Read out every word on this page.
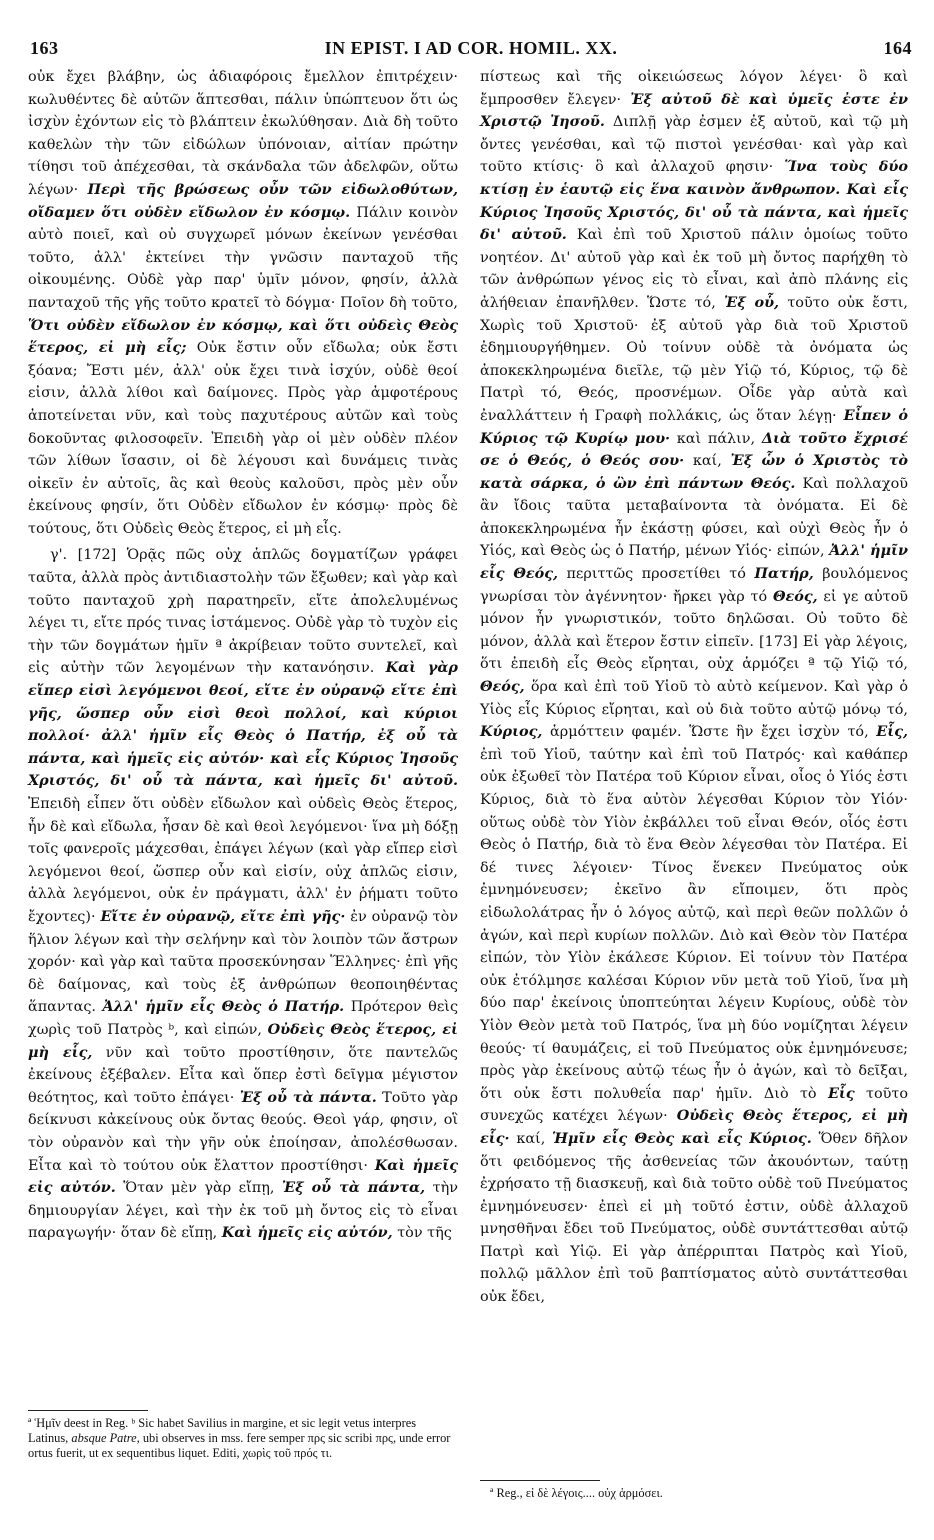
163	IN EPIST. I AD COR. HOMIL. XX.	164

οὐκ ἔχει βλάβην, ὡς ἀδιαφόροις ἔμελλον ἐπιτρέχειν· κωλυθέντες δὲ αὐτῶν ἅπτεσθαι, πάλιν ὑπώπτευον ὅτι ὡς ἰσχὺν ἐχόντων εἰς τὸ βλάπτειν ἐκωλύθησαν. Διὰ δὴ τοῦτο καθελὼν τὴν τῶν εἰδώλων ὑπόνοιαν, αἰτίαν πρώτην τίθησι τοῦ ἀπέχεσθαι, τὰ σκάνδαλα τῶν ἀδελφῶν, οὕτω λέγων· Περὶ τῆς βρώσεως οὖν τῶν εἰδωλοθύτων, οἴδαμεν ὅτι οὐδὲν εἴδωλον ἐν κόσμῳ. Πάλιν κοινὸν αὐτὸ ποιεῖ, καὶ οὐ συγχωρεῖ μόνων ἐκείνων γενέσθαι τοῦτο, ἀλλ' ἐκτείνει τὴν γνῶσιν πανταχοῦ τῆς οἰκουμένης. Οὐδὲ γὰρ παρ' ὑμῖν μόνον, φησίν, ἀλλὰ πανταχοῦ τῆς γῆς τοῦτο κρατεῖ τὸ δόγμα· Ποῖον δὴ τοῦτο, Ὅτι οὐδὲν εἴδωλον ἐν κόσμῳ, καὶ ὅτι οὐδεὶς Θεὸς ἕτερος, εἰ μὴ εἷς; Οὐκ ἔστιν οὖν εἴδωλα; οὐκ ἔστι ξόανα; Ἔστι μέν, ἀλλ' οὐκ ἔχει τινὰ ἰσχύν, οὐδὲ θεοί εἰσιν, ἀλλὰ λίθοι καὶ δαίμονες. Πρὸς γὰρ ἀμφοτέρους ἀποτείνεται νῦν, καὶ τοὺς παχυτέρους αὐτῶν καὶ τοὺς δοκοῦντας φιλοσοφεῖν. Ἐπειδὴ γὰρ οἱ μὲν οὐδὲν πλέον τῶν λίθων ἴσασιν, οἱ δὲ λέγουσι καὶ δυνάμεις τινὰς οἰκεῖν ἐν αὐτοῖς, ἃς καὶ θεοὺς καλοῦσι, πρὸς μὲν οὖν ἐκείνους φησίν, ὅτι Οὐδὲν εἴδωλον ἐν κόσμῳ· πρὸς δὲ τούτους, ὅτι Οὐδεὶς Θεὸς ἕτερος, εἰ μὴ εἷς.

γ'. [172] Ὁρᾷς πῶς οὐχ ἁπλῶς δογματίζων γράφει ταῦτα, ἀλλὰ πρὸς ἀντιδιαστολὴν τῶν ἔξωθεν; καὶ γὰρ καὶ τοῦτο πανταχοῦ χρὴ παρατηρεῖν, εἴτε ἀπολελυμένως λέγει τι, εἴτε πρός τινας ἱστάμενος. Οὐδὲ γὰρ τὸ τυχὸν εἰς τὴν τῶν δογμάτων ἡμῖν ª ἀκρίβειαν τοῦτο συντελεῖ, καὶ εἰς αὐτὴν τῶν λεγομένων τὴν κατανόησιν. Καὶ γὰρ εἴπερ εἰσὶ λεγόμενοι θεοί, εἴτε ἐν οὐρανῷ εἴτε ἐπὶ γῆς, ὥσπερ οὖν εἰσὶ θεοὶ πολλοί, καὶ κύριοι πολλοί· ἀλλ' ἡμῖν εἷς Θεὸς ὁ Πατήρ, ἐξ οὗ τὰ πάντα, καὶ ἡμεῖς εἰς αὐτόν· καὶ εἷς Κύριος Ἰησοῦς Χριστός, δι' οὗ τὰ πάντα, καὶ ἡμεῖς δι' αὐτοῦ. Ἐπειδὴ εἶπεν ὅτι οὐδὲν εἴδωλον καὶ οὐδεὶς Θεὸς ἕτερος, ἦν δὲ καὶ εἴδωλα, ἦσαν δὲ καὶ θεοὶ λεγόμενοι· ἵνα μὴ δόξῃ τοῖς φανεροῖς μάχεσθαι, ἐπάγει λέγων (καὶ γὰρ εἴπερ εἰσὶ λεγόμενοι θεοί, ὥσπερ οὖν καὶ εἰσίν, οὐχ ἁπλῶς εἰσιν, ἀλλὰ λεγόμενοι, οὐκ ἐν πράγματι, ἀλλ' ἐν ῥήματι τοῦτο ἔχοντες)· Εἴτε ἐν οὐρανῷ, εἴτε ἐπὶ γῆς· ἐν οὐρανῷ τὸν ἥλιον λέγων καὶ τὴν σελήνην καὶ τὸν λοιπὸν τῶν ἄστρων χορόν· καὶ γὰρ καὶ ταῦτα προσεκύνησαν Ἕλληνες· ἐπὶ γῆς δὲ δαίμονας, καὶ τοὺς ἐξ ἀνθρώπων θεοποιηθέντας ἅπαντας. Ἀλλ' ἡμῖν εἷς Θεὸς ὁ Πατήρ. Πρότερον θεὶς χωρὶς τοῦ Πατρὸς ᵇ, καὶ εἰπών, Οὐδεὶς Θεὸς ἕτερος, εἰ μὴ εἷς, νῦν καὶ τοῦτο προστίθησιν, ὅτε παντελῶς ἐκείνους ἐξέβαλεν. Εἶτα καὶ ὅπερ ἐστὶ δεῖγμα μέγιστον θεότητος, καὶ τοῦτο ἐπάγει· Ἐξ οὗ τὰ πάντα. Τοῦτο γὰρ δείκνυσι κἀκείνους οὐκ ὄντας θεούς. Θεοὶ γάρ, φησιν, οἳ τὸν οὐρανὸν καὶ τὴν γῆν οὐκ ἐποίησαν, ἀπολέσθωσαν. Εἶτα καὶ τὸ τούτου οὐκ ἔλαττον προστίθησι· Καὶ ἡμεῖς εἰς αὐτόν. Ὅταν μὲν γὰρ εἴπῃ, Ἐξ οὗ τὰ πάντα, τὴν δημιουργίαν λέγει, καὶ τὴν ἐκ τοῦ μὴ ὄντος εἰς τὸ εἶναι παραγωγήν· ὅταν δὲ εἴπῃ, Καὶ ἡμεῖς εἰς αὐτόν, τὸν τῆς

πίστεως καὶ τῆς οἰκειώσεως λόγον λέγει· ὃ καὶ ἔμπροσθεν ἔλεγεν· Ἐξ αὐτοῦ δὲ καὶ ὑμεῖς ἐστε ἐν Χριστῷ Ἰησοῦ. Διπλῇ γὰρ ἐσμεν ἐξ αὐτοῦ, καὶ τῷ μὴ ὄντες γενέσθαι, καὶ τῷ πιστοὶ γενέσθαι· καὶ γὰρ καὶ τοῦτο κτίσις· ὃ καὶ ἀλλαχοῦ φησιν· Ἵνα τοὺς δύο κτίσῃ ἐν ἑαυτῷ εἰς ἕνα καινὸν ἄνθρωπον. Καὶ εἷς Κύριος Ἰησοῦς Χριστός, δι' οὗ τὰ πάντα, καὶ ἡμεῖς δι' αὐτοῦ. Καὶ ἐπὶ τοῦ Χριστοῦ πάλιν ὁμοίως τοῦτο νοητέον. Δι' αὐτοῦ γὰρ καὶ ἐκ τοῦ μὴ ὄντος παρήχθη τὸ τῶν ἀνθρώπων γένος εἰς τὸ εἶναι, καὶ ἀπὸ πλάνης εἰς ἀλήθειαν ἐπανῆλθεν. Ὥστε τό, Ἐξ οὗ, τοῦτο οὐκ ἔστι, Χωρὶς τοῦ Χριστοῦ· ἐξ αὐτοῦ γὰρ διὰ τοῦ Χριστοῦ ἐδημιουργήθημεν. Οὐ τοίνυν οὐδὲ τὰ ὀνόματα ὡς ἀποκεκληρωμένα διεῖλε, τῷ μὲν Υἱῷ τό, Κύριος, τῷ δὲ Πατρὶ τό, Θεός, προσνέμων. Οἶδε γὰρ αὐτὰ καὶ ἐναλλάττειν ἡ Γραφὴ πολλάκις, ὡς ὅταν λέγῃ· Εἶπεν ὁ Κύριος τῷ Κυρίῳ μου· καὶ πάλιν, Διὰ τοῦτο ἔχρισέ σε ὁ Θεός, ὁ Θεός σου· καί, Ἐξ ὧν ὁ Χριστὸς τὸ κατὰ σάρκα, ὁ ὢν ἐπὶ πάντων Θεός. Καὶ πολλαχοῦ ἂν ἴδοις ταῦτα μεταβαίνοντα τὰ ὀνόματα. Εἰ δὲ ἀποκεκληρωμένα ἦν ἑκάστῃ φύσει, καὶ οὐχὶ Θεὸς ἦν ὁ Υἱός, καὶ Θεὸς ὡς ὁ Πατήρ, μένων Υἱός· εἰπών, Ἀλλ' ἡμῖν εἷς Θεός, περιττῶς προσετίθει τό Πατήρ, βουλόμενος γνωρίσαι τὸν ἀγέννητον· ἤρκει γὰρ τό Θεός, εἰ γε αὐτοῦ μόνον ἦν γνωριστικόν, τοῦτο δηλῶσαι. Οὐ τοῦτο δὲ μόνον, ἀλλὰ καὶ ἕτερον ἔστιν εἰπεῖν. [173] Εἰ γὰρ λέγοις, ὅτι ἐπειδὴ εἷς Θεὸς εἴρηται, οὐχ ἁρμόζει ª τῷ Υἱῷ τό, Θεός, ὅρα καὶ ἐπὶ τοῦ Υἱοῦ τὸ αὐτὸ κείμενον. Καὶ γὰρ ὁ Υἱὸς εἷς Κύριος εἴρηται, καὶ οὐ διὰ τοῦτο αὐτῷ μόνῳ τό, Κύριος, ἁρμόττειν φαμέν. Ὥστε ἣν ἔχει ἰσχὺν τό, Εἷς, ἐπὶ τοῦ Υἱοῦ, ταύτην καὶ ἐπὶ τοῦ Πατρός· καὶ καθάπερ οὐκ ἐξωθεῖ τὸν Πατέρα τοῦ Κύριον εἶναι, οἷος ὁ Υἱός ἐστι Κύριος, διὰ τὸ ἕνα αὐτὸν λέγεσθαι Κύριον τὸν Υἱόν· οὕτως οὐδὲ τὸν Υἱὸν ἐκβάλλει τοῦ εἶναι Θεόν, οἷός ἐστι Θεὸς ὁ Πατήρ, διὰ τὸ ἕνα Θεὸν λέγεσθαι τὸν Πατέρα. Εἰ δέ τινες λέγοιεν· Τίνος ἕνεκεν Πνεύματος οὐκ ἐμνημόνευσεν; ἐκεῖνο ἂν εἴποιμεν, ὅτι πρὸς εἰδωλολάτρας ἦν ὁ λόγος αὐτῷ, καὶ περὶ θεῶν πολλῶν ὁ ἀγών, καὶ περὶ κυρίων πολλῶν. Διὸ καὶ Θεὸν τὸν Πατέρα εἰπών, τὸν Υἱὸν ἐκάλεσε Κύριον. Εἰ τοίνυν τὸν Πατέρα οὐκ ἐτόλμησε καλέσαι Κύριον νῦν μετὰ τοῦ Υἱοῦ, ἵνα μὴ δύο παρ' ἐκείνοις ὑποπτεύηται λέγειν Κυρίους, οὐδὲ τὸν Υἱὸν Θεὸν μετὰ τοῦ Πατρός, ἵνα μὴ δύο νομίζηται λέγειν θεούς· τί θαυμάζεις, εἰ τοῦ Πνεύματος οὐκ ἐμνημόνευσε; πρὸς γὰρ ἐκείνους αὐτῷ τέως ἦν ὁ ἀγών, καὶ τὸ δεῖξαι, ὅτι οὐκ ἔστι πολυθεΐα παρ' ἡμῖν. Διὸ τὸ Εἷς τοῦτο συνεχῶς κατέχει λέγων· Οὐδεὶς Θεὸς ἕτερος, εἰ μὴ εἷς· καί, Ἡμῖν εἷς Θεὸς καὶ εἷς Κύριος. Ὅθεν δῆλον ὅτι φειδόμενος τῆς ἀσθενείας τῶν ἀκουόντων, ταύτῃ ἐχρήσατο τῇ διασκευῇ, καὶ διὰ τοῦτο οὐδὲ τοῦ Πνεύματος ἐμνημόνευσεν· ἐπεὶ εἰ μὴ τοῦτό ἐστιν, οὐδὲ ἀλλαχοῦ μνησθῆναι ἔδει τοῦ Πνεύματος, οὐδὲ συντάττεσθαι αὐτῷ Πατρὶ καὶ Υἱῷ. Εἰ γὰρ ἀπέρριπται Πατρὸς καὶ Υἱοῦ, πολλῷ μᾶλλον ἐπὶ τοῦ βαπτίσματος αὐτὸ συντάττεσθαι οὐκ ἔδει,

ª Ἡμῖν deest in Reg. ᵇ Sic habet Savilius in margine, et sic legit vetus interpres Latinus, absque Patre, ubi observes in mss. fere semper πρς sic scribi πρς, unde error ortus fuerit, ut ex sequentibus liquet. Editi, χωρὶς τοῦ πρός τι.
ª Reg., εἰ δὲ λέγοις.... οὐχ ἁρμόσει.
